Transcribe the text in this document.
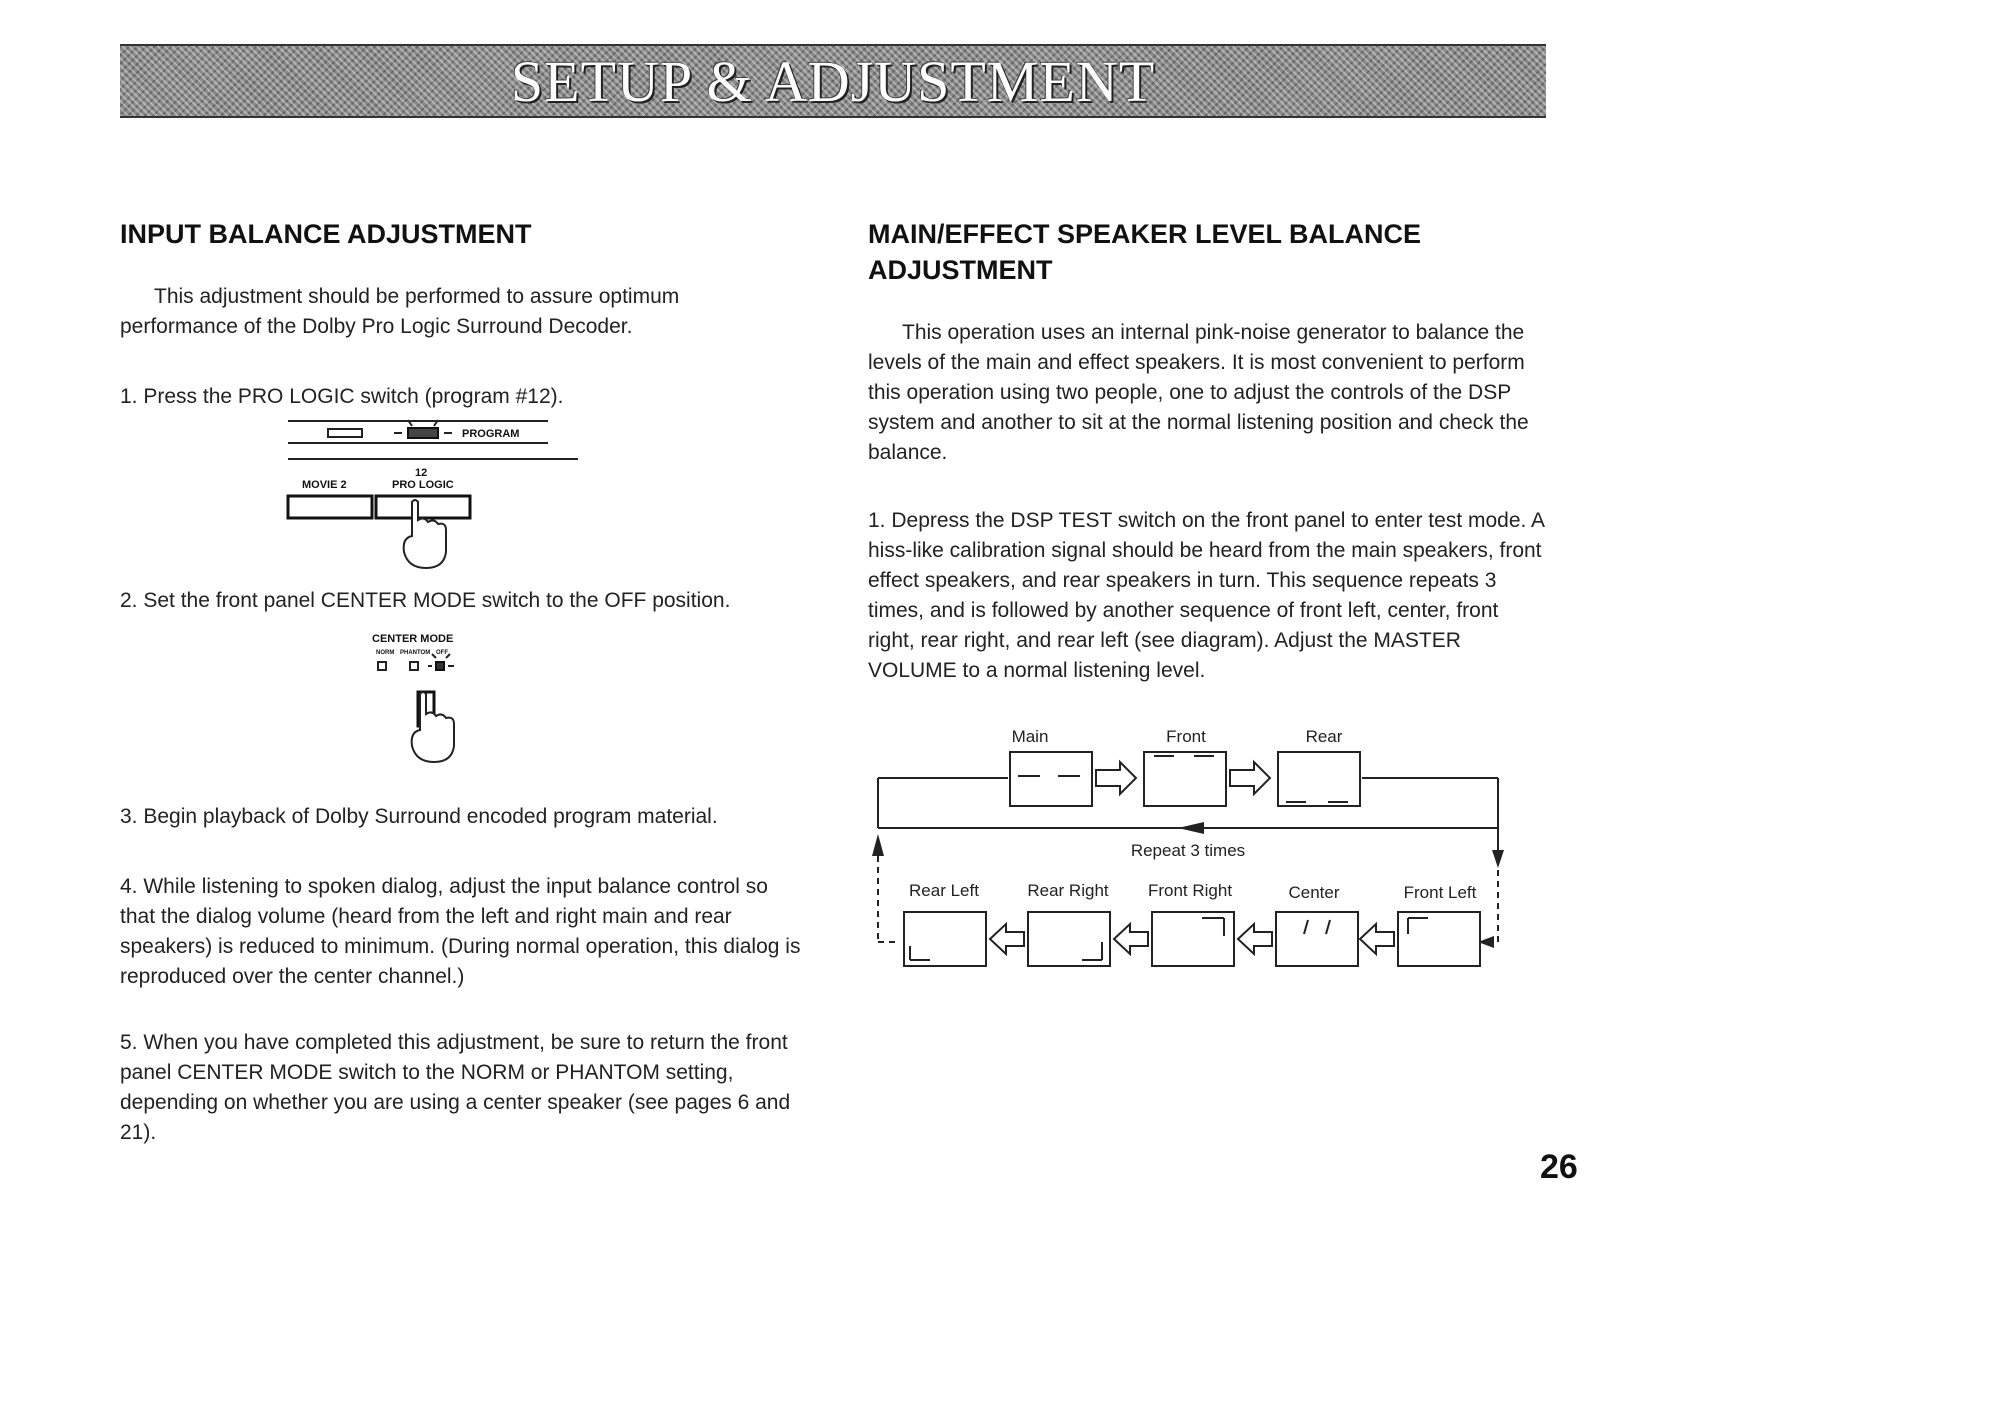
SETUP & ADJUSTMENT
INPUT BALANCE ADJUSTMENT
This adjustment should be performed to assure optimum performance of the Dolby Pro Logic Surround Decoder.
1. Press the PRO LOGIC switch (program #12).
PROGRAM
12
MOVIE 2	PRO LOGIC
2. Set the front panel CENTER MODE switch to the OFF position.
CENTER MODE
NORM PHANTOM OFF
3. Begin playback of Dolby Surround encoded program material.
4. While listening to spoken dialog, adjust the input balance control so that the dialog volume (heard from the left and right main and rear speakers) is reduced to minimum. (During normal operation, this dialog is reproduced over the center channel.)
5. When you have completed this adjustment, be sure to return the front panel CENTER MODE switch to the NORM or PHANTOM setting, depending on whether you are using a center speaker (see pages 6 and 21).
MAIN/EFFECT SPEAKER LEVEL BALANCE ADJUSTMENT
This operation uses an internal pink-noise generator to balance the levels of the main and effect speakers. It is most convenient to perform this operation using two people, one to adjust the controls of the DSP system and another to sit at the normal listening position and check the balance.
1. Depress the DSP TEST switch on the front panel to enter test mode. A hiss-like calibration signal should be heard from the main speakers, front effect speakers, and rear speakers in turn. This sequence repeats 3 times, and is followed by another sequence of front left, center, front right, rear right, and rear left (see diagram). Adjust the MASTER VOLUME to a normal listening level.
Main	Front	Rear
Repeat 3 times
Rear Left	Rear Right Front Right	Center	Front Left
26
